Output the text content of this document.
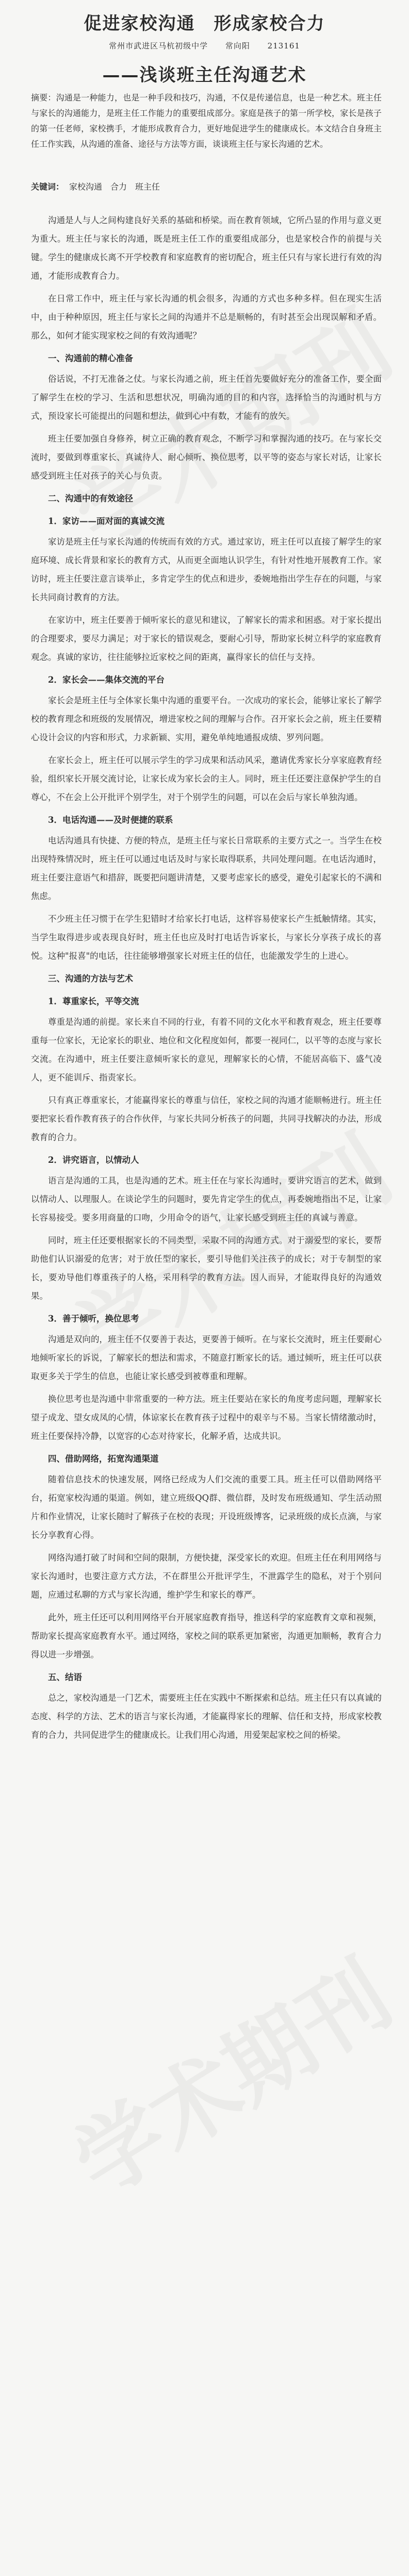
促进家校沟通　形成家校合力
常州市武进区马杭初级中学 常向阳 213161
——浅谈班主任沟通艺术
摘要：沟通是一种能力，也是一种手段和技巧，沟通，不仅是传递信息，也是一种艺术。班主任与家长的沟通能力，是班主任工作能力的重要组成部分。家庭是孩子的第一所学校，家长是孩子的第一任老师，家校携手，才能形成教育合力，更好地促进学生的健康成长。本文结合自身班主任工作实践，从沟通的准备、途径与方法等方面，谈谈班主任与家长沟通的艺术。
关键词： 家校沟通　合力　班主任

沟通是人与人之间构建良好关系的基础和桥梁。而在教育领域，它所凸显的作用与意义更为重大。班主任与家长的沟通，既是班主任工作的重要组成部分，也是家校合作的前提与关键。学生的健康成长离不开学校教育和家庭教育的密切配合，班主任只有与家长进行有效的沟通，才能形成教育合力。

在日常工作中，班主任与家长沟通的机会很多，沟通的方式也多种多样。但在现实生活中，由于种种原因，班主任与家长之间的沟通并不总是顺畅的，有时甚至会出现误解和矛盾。那么，如何才能实现家校之间的有效沟通呢？

一、沟通前的精心准备

俗话说，不打无准备之仗。与家长沟通之前，班主任首先要做好充分的准备工作，要全面了解学生在校的学习、生活和思想状况，明确沟通的目的和内容，选择恰当的沟通时机与方式，预设家长可能提出的问题和想法，做到心中有数，才能有的放矢。

班主任要加强自身修养，树立正确的教育观念，不断学习和掌握沟通的技巧。在与家长交流时，要做到尊重家长、真诚待人、耐心倾听、换位思考，以平等的姿态与家长对话，让家长感受到班主任对孩子的关心与负责。

二、沟通中的有效途径
1．家访——面对面的真诚交流

家访是班主任与家长沟通的传统而有效的方式。通过家访，班主任可以直接了解学生的家庭环境、成长背景和家长的教育方式，从而更全面地认识学生，有针对性地开展教育工作。家访时，班主任要注意言谈举止，多肯定学生的优点和进步，委婉地指出学生存在的问题，与家长共同商讨教育的方法。

在家访中，班主任要善于倾听家长的意见和建议，了解家长的需求和困惑。对于家长提出的合理要求，要尽力满足；对于家长的错误观念，要耐心引导，帮助家长树立科学的家庭教育观念。真诚的家访，往往能够拉近家校之间的距离，赢得家长的信任与支持。

2．家长会——集体交流的平台

家长会是班主任与全体家长集中沟通的重要平台。一次成功的家长会，能够让家长了解学校的教育理念和班级的发展情况，增进家校之间的理解与合作。召开家长会之前，班主任要精心设计会议的内容和形式，力求新颖、实用，避免单纯地通报成绩、罗列问题。

在家长会上，班主任可以展示学生的学习成果和活动风采，邀请优秀家长分享家庭教育经验，组织家长开展交流讨论，让家长成为家长会的主人。同时，班主任还要注意保护学生的自尊心，不在会上公开批评个别学生，对于个别学生的问题，可以在会后与家长单独沟通。

3．电话沟通——及时便捷的联系

电话沟通具有快捷、方便的特点，是班主任与家长日常联系的主要方式之一。当学生在校出现特殊情况时，班主任可以通过电话及时与家长取得联系，共同处理问题。在电话沟通时，班主任要注意语气和措辞，既要把问题讲清楚，又要考虑家长的感受，避免引起家长的不满和焦虑。

不少班主任习惯于在学生犯错时才给家长打电话，这样容易使家长产生抵触情绪。其实，当学生取得进步或表现良好时，班主任也应及时打电话告诉家长，与家长分享孩子成长的喜悦。这种"报喜"的电话，往往能够增强家长对班主任的信任，也能激发学生的上进心。

三、沟通的方法与艺术
1．尊重家长，平等交流

尊重是沟通的前提。家长来自不同的行业，有着不同的文化水平和教育观念，班主任要尊重每一位家长，无论家长的职业、地位和文化程度如何，都要一视同仁，以平等的态度与家长交流。在沟通中，班主任要注意倾听家长的意见，理解家长的心情，不能居高临下、盛气凌人，更不能训斥、指责家长。

只有真正尊重家长，才能赢得家长的尊重与信任，家校之间的沟通才能顺畅进行。班主任要把家长看作教育孩子的合作伙伴，与家长共同分析孩子的问题，共同寻找解决的办法，形成教育的合力。

2．讲究语言，以情动人

语言是沟通的工具，也是沟通的艺术。班主任在与家长沟通时，要讲究语言的艺术，做到以情动人、以理服人。在谈论学生的问题时，要先肯定学生的优点，再委婉地指出不足，让家长容易接受。要多用商量的口吻，少用命令的语气，让家长感受到班主任的真诚与善意。

同时，班主任还要根据家长的不同类型，采取不同的沟通方式。对于溺爱型的家长，要帮助他们认识溺爱的危害；对于放任型的家长，要引导他们关注孩子的成长；对于专制型的家长，要劝导他们尊重孩子的人格，采用科学的教育方法。因人而异，才能取得良好的沟通效果。

3．善于倾听，换位思考

沟通是双向的，班主任不仅要善于表达，更要善于倾听。在与家长交流时，班主任要耐心地倾听家长的诉说，了解家长的想法和需求，不随意打断家长的话。通过倾听，班主任可以获取更多关于学生的信息，也能让家长感受到被尊重和理解。

换位思考也是沟通中非常重要的一种方法。班主任要站在家长的角度考虑问题，理解家长望子成龙、望女成凤的心情，体谅家长在教育孩子过程中的艰辛与不易。当家长情绪激动时，班主任要保持冷静，以宽容的心态对待家长，化解矛盾，达成共识。

四、借助网络，拓宽沟通渠道

随着信息技术的快速发展，网络已经成为人们交流的重要工具。班主任可以借助网络平台，拓宽家校沟通的渠道。例如，建立班级QQ群、微信群，及时发布班级通知、学生活动照片和作业情况，让家长随时了解孩子在校的表现；开设班级博客，记录班级的成长点滴，与家长分享教育心得。

网络沟通打破了时间和空间的限制，方便快捷，深受家长的欢迎。但班主任在利用网络与家长沟通时，也要注意方式方法，不在群里公开批评学生，不泄露学生的隐私，对于个别问题，应通过私聊的方式与家长沟通，维护学生和家长的尊严。

此外，班主任还可以利用网络平台开展家庭教育指导，推送科学的家庭教育文章和视频，帮助家长提高家庭教育水平。通过网络，家校之间的联系更加紧密，沟通更加顺畅，教育合力得以进一步增强。

五、结语

总之，家校沟通是一门艺术，需要班主任在实践中不断探索和总结。班主任只有以真诚的态度、科学的方法、艺术的语言与家长沟通，才能赢得家长的理解、信任和支持，形成家校教育的合力，共同促进学生的健康成长。让我们用心沟通，用爱架起家校之间的桥梁。
